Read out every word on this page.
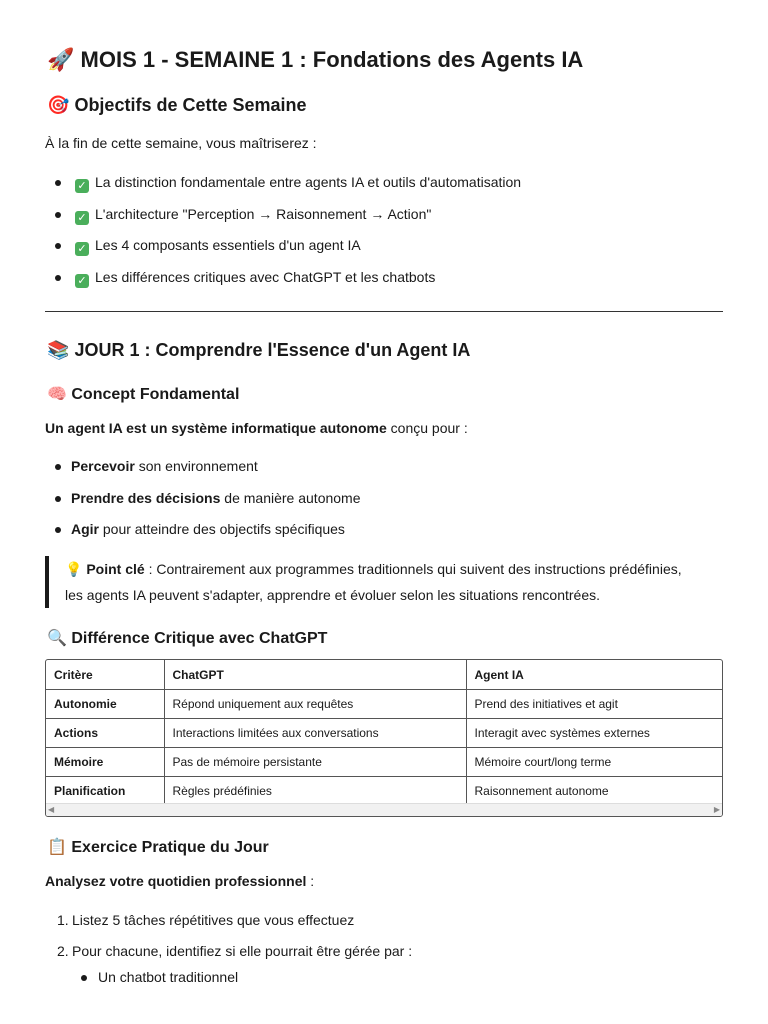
🚀 MOIS 1 - SEMAINE 1 : Fondations des Agents IA
🎯 Objectifs de Cette Semaine
À la fin de cette semaine, vous maîtriserez :
✓ La distinction fondamentale entre agents IA et outils d'automatisation
✓ L'architecture "Perception → Raisonnement → Action"
✓ Les 4 composants essentiels d'un agent IA
✓ Les différences critiques avec ChatGPT et les chatbots
📚 JOUR 1 : Comprendre l'Essence d'un Agent IA
🧠 Concept Fondamental
Un agent IA est un système informatique autonome conçu pour :
Percevoir son environnement
Prendre des décisions de manière autonome
Agir pour atteindre des objectifs spécifiques
💡 Point clé : Contrairement aux programmes traditionnels qui suivent des instructions prédéfinies,
les agents IA peuvent s'adapter, apprendre et évoluer selon les situations rencontrées.
🔍 Différence Critique avec ChatGPT
Critère	ChatGPT	Agent IA
Autonomie	Répond uniquement aux requêtes	Prend des initiatives et agit
Actions	Interactions limitées aux conversations	Interagit avec systèmes externes
Mémoire	Pas de mémoire persistante	Mémoire court/long terme
Planification	Règles prédéfinies	Raisonnement autonome
◀	▶
📋 Exercice Pratique du Jour
Analysez votre quotidien professionnel :
1. Listez 5 tâches répétitives que vous effectuez
2. Pour chacune, identifiez si elle pourrait être gérée par :
Un chatbot traditionnel
